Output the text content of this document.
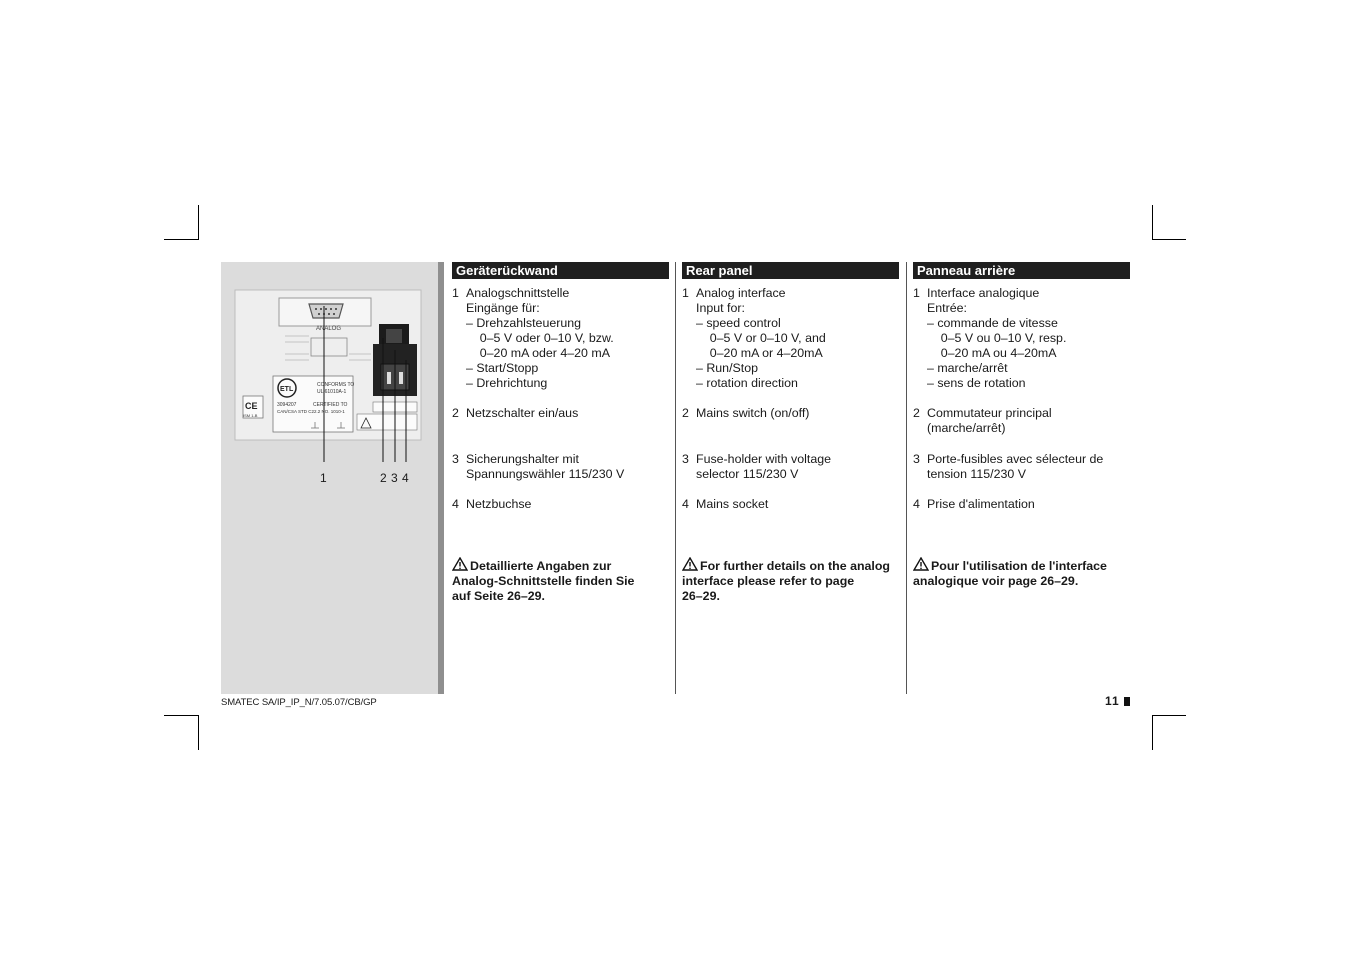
ANALOG
ETL
CONFORMS TO
UL 61010A-1
3094207	CERTIFIED TO
CAN/CSA STD C22.2 NO. 1010-1
CE
ISM 1-B
1	2 3 4
Geräterückwand
1 Analogschnittstelle
Eingänge für:
– Drehzahlsteuerung
0–5 V oder 0–10 V, bzw.
0–20 mA oder 4–20 mA
– Start/Stopp
– Drehrichtung
2 Netzschalter ein/aus
3 Sicherungshalter mit
Spannungswähler 115/230 V
4 Netzbuchse
Detaillierte Angaben zur
Analog-Schnittstelle finden Sie
auf Seite 26–29.
Rear panel
1 Analog interface
Input for:
– speed control
0–5 V or 0–10 V, and
0–20 mA or 4–20mA
– Run/Stop
– rotation direction
2 Mains switch (on/off)
3 Fuse-holder with voltage
selector 115/230 V
4 Mains socket
For further details on the analog
interface please refer to page
26–29.
Panneau arrière
1 Interface analogique
Entrée:
– commande de vitesse
0–5 V ou 0–10 V, resp.
0–20 mA ou 4–20mA
– marche/arrêt
– sens de rotation
2 Commutateur principal
(marche/arrêt)
3 Porte-fusibles avec sélecteur de
tension 115/230 V
4 Prise d'alimentation
Pour l'utilisation de l'interface
analogique voir page 26–29.
SMATEC SA/IP_IP_N/7.05.07/CB/GP	11
